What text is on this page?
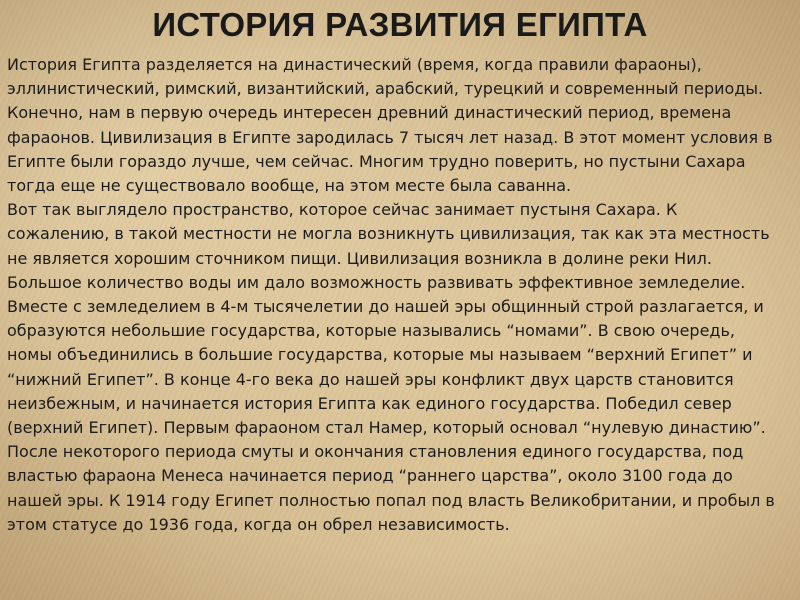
ИСТОРИЯ РАЗВИТИЯ ЕГИПТА

История Египта разделяется на династический (время, когда правили фараоны), эллинистический, римский, византийский, арабский, турецкий и современный периоды. Конечно, нам в первую очередь интересен древний династический период, времена фараонов. Цивилизация в Египте зародилась 7 тысяч лет назад. В этот момент условия в Египте были гораздо лучше, чем сейчас. Многим трудно поверить, но пустыни Сахара тогда еще не существовало вообще, на этом месте была саванна.

Вот так выглядело пространство, которое сейчас занимает пустыня Сахара. К сожалению, в такой местности не могла возникнуть цивилизация, так как эта местность не является хорошим сточником пищи. Цивилизация возникла в долине реки Нил. Большое количество воды им дало возможность развивать эффективное земледелие. Вместе с земледелием в 4-м тысячелетии до нашей эры общинный строй разлагается, и образуются небольшие государства, которые назывались “номами”. В свою очередь, номы объединились в большие государства, которые мы называем “верхний Египет” и “нижний Египет”. В конце 4-го века до нашей эры конфликт двух царств становится неизбежным, и начинается история Египта как единого государства. Победил север (верхний Египет). Первым фараоном стал Намер, который основал “нулевую династию”. После некоторого периода смуты и окончания становления единого государства, под властью фараона Менеса начинается период “раннего царства”, около 3100 года до нашей эры. К 1914 году Египет полностью попал под власть Великобритании, и пробыл в этом статусе до 1936 года, когда он обрел независимость.
